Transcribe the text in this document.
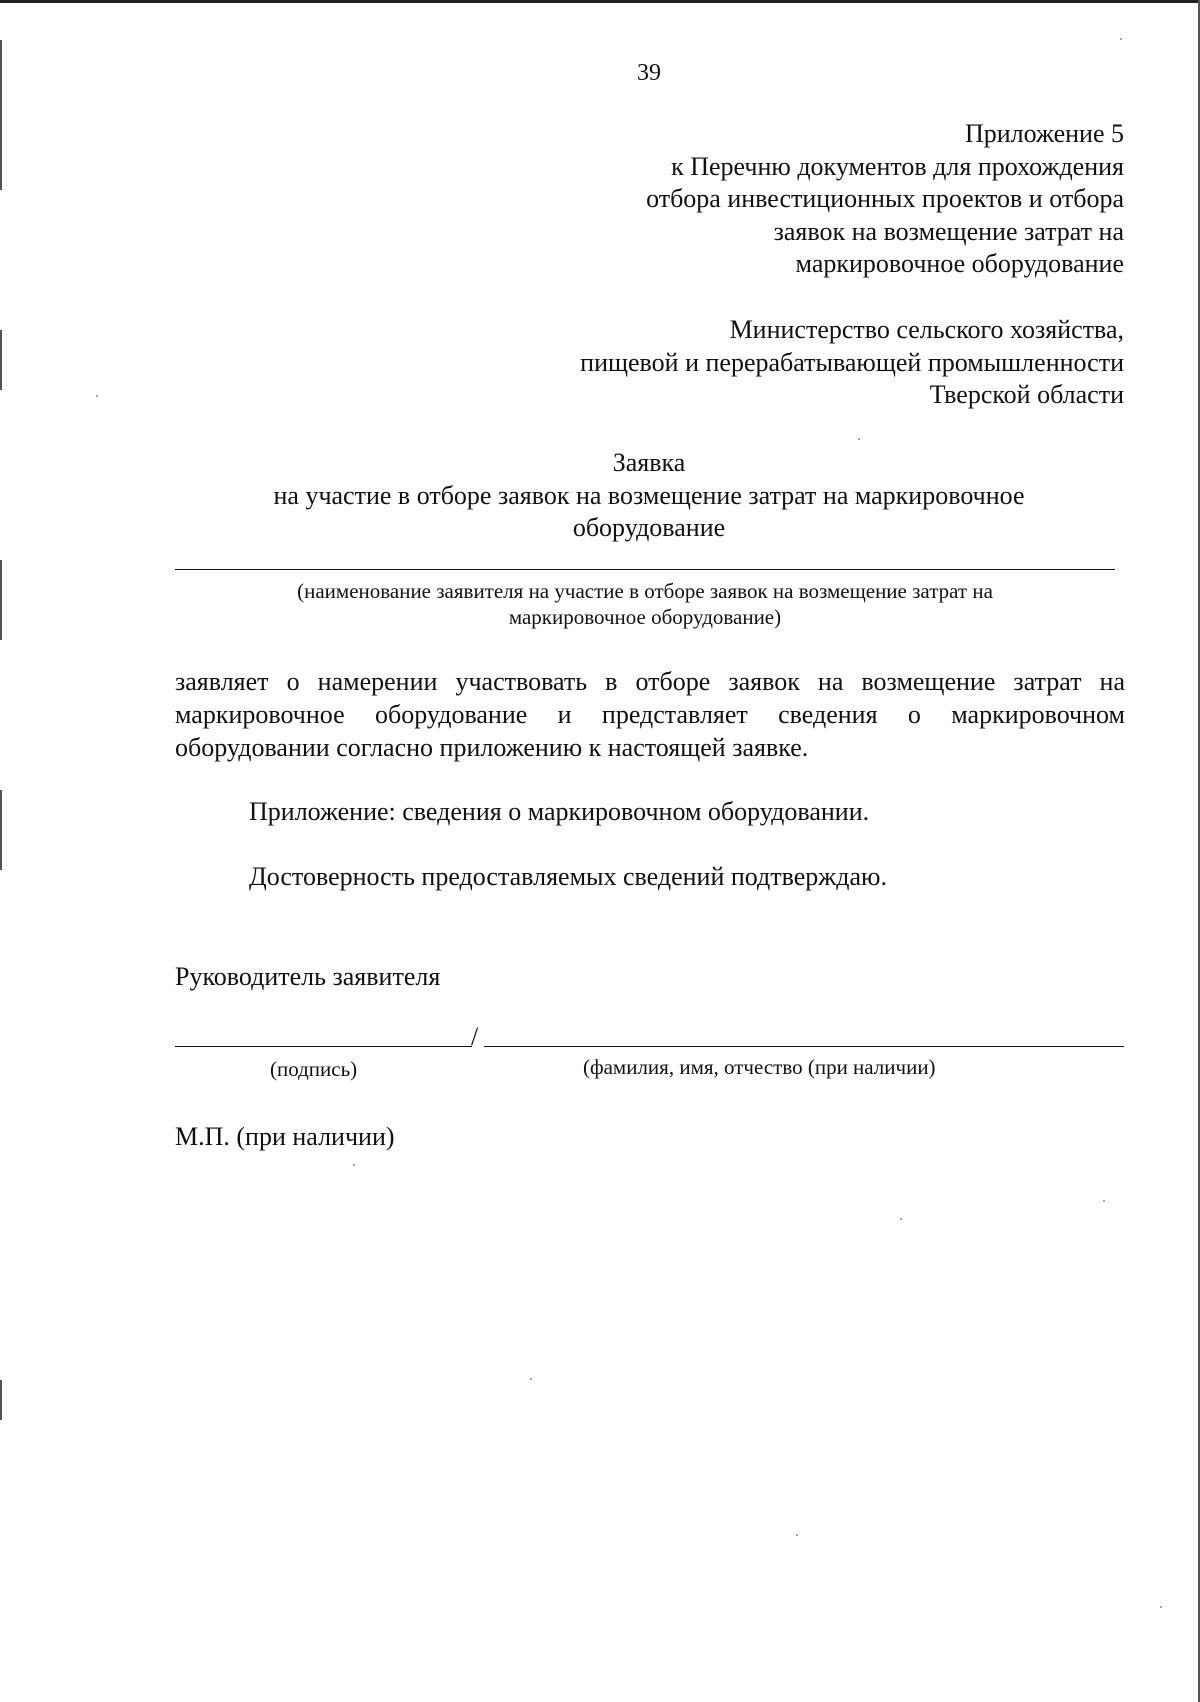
39
Приложение 5
к Перечню документов для прохождения
отбора инвестиционных проектов и отбора
заявок на возмещение затрат на
маркировочное оборудование
Министерство сельского хозяйства,
пищевой и перерабатывающей промышленности
Тверской области
Заявка
на участие в отборе заявок на возмещение затрат на маркировочное
оборудование
(наименование заявителя на участие в отборе заявок на возмещение затрат на
маркировочное оборудование)
заявляет о намерении участвовать в отборе заявок на возмещение затрат на
маркировочное оборудование и представляет сведения о маркировочном
оборудовании согласно приложению к настоящей заявке.
Приложение: сведения о маркировочном оборудовании.
Достоверность предоставляемых сведений подтверждаю.
Руководитель заявителя
/
(подпись)	(фамилия, имя, отчество (при наличии)
М.П. (при наличии)
